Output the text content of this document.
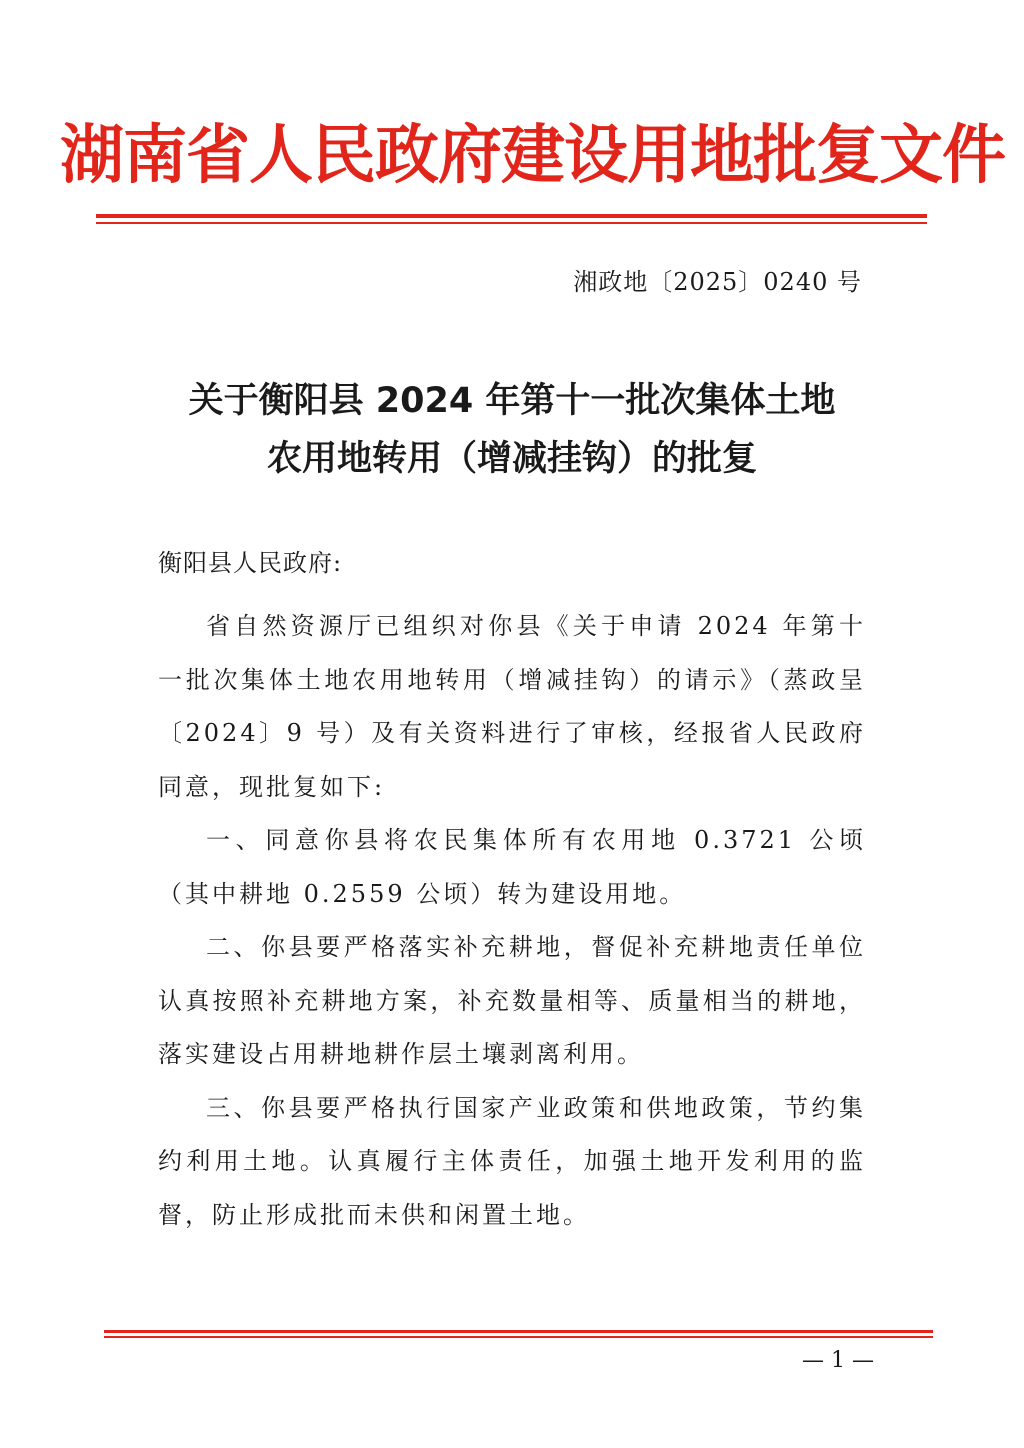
湖南省人民政府建设用地批复文件
湘政地〔2025〕0240 号
关于衡阳县 2024 年第十一批次集体土地
农用地转用（增减挂钩）的批复
衡阳县人民政府:

省自然资源厅已组织对你县《关于申请 2024 年第十一批次集体土地农用地转用（增减挂钩）的请示》（蒸政呈〔2024〕9 号）及有关资料进行了审核，经报省人民政府同意，现批复如下:

一、同意你县将农民集体所有农用地 0.3721 公顷（其中耕地 0.2559 公顷）转为建设用地。

二、你县要严格落实补充耕地，督促补充耕地责任单位认真按照补充耕地方案，补充数量相等、质量相当的耕地，落实建设占用耕地耕作层土壤剥离利用。

三、你县要严格执行国家产业政策和供地政策，节约集约利用土地。认真履行主体责任，加强土地开发利用的监督，防止形成批而未供和闲置土地。

— 1 —
